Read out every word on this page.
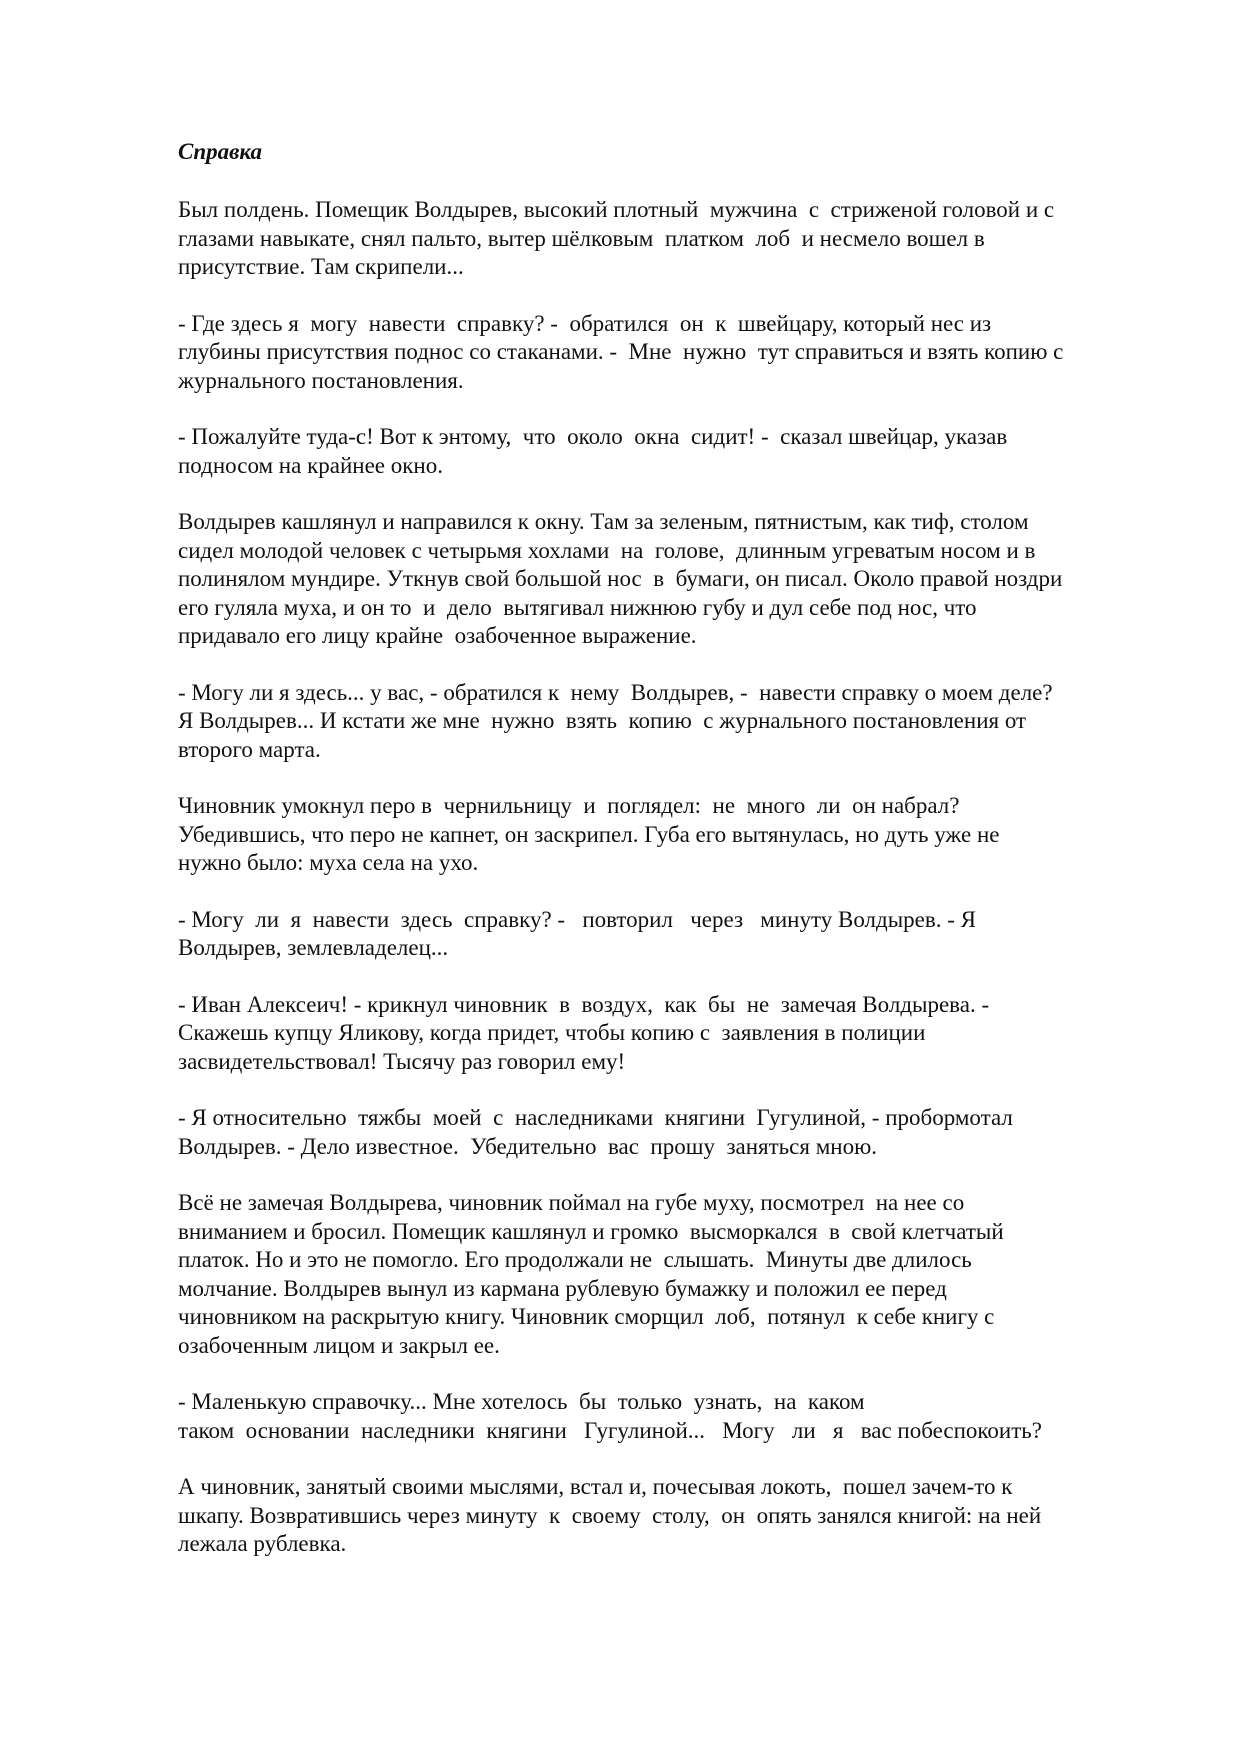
Справка
Был полдень. Помещик Волдырев, высокий плотный  мужчина  с  стриженой головой и с
глазами навыкате, снял пальто, вытер шёлковым  платком  лоб  и несмело вошел в
присутствие. Там скрипели...
- Где здесь я  могу  навести  справку? -  обратился  он  к  швейцару, который нес из
глубины присутствия поднос со стаканами. -  Мне  нужно  тут справиться и взять копию с
журнального постановления.
- Пожалуйте туда-с! Вот к энтому,  что  около  окна  сидит! -  сказал швейцар, указав
подносом на крайнее окно.
Волдырев кашлянул и направился к окну. Там за зеленым, пятнистым, как тиф, столом
сидел молодой человек с четырьмя хохлами  на  голове,  длинным угреватым носом и в
полинялом мундире. Уткнув свой большой нос  в  бумаги, он писал. Около правой ноздри
его гуляла муха, и он то  и  дело  вытягивал нижнюю губу и дул себе под нос, что
придавало его лицу крайне  озабоченное выражение.
- Могу ли я здесь... у вас, - обратился к  нему  Волдырев, -  навести справку о моем деле?
Я Волдырев... И кстати же мне  нужно  взять  копию  с журнального постановления от
второго марта.
Чиновник умокнул перо в  чернильницу  и  поглядел:  не  много  ли  он набрал?
Убедившись, что перо не капнет, он заскрипел. Губа его вытянулась, но дуть уже не
нужно было: муха села на ухо.
- Могу  ли  я  навести  здесь  справку? -   повторил   через   минуту Волдырев. - Я
Волдырев, землевладелец...
- Иван Алексеич! - крикнул чиновник  в  воздух,  как  бы  не  замечая Волдырева. -
Скажешь купцу Яликову, когда придет, чтобы копию с  заявления в полиции
засвидетельствовал! Тысячу раз говорил ему!
- Я относительно  тяжбы  моей  с  наследниками  княгини  Гугулиной, - пробормотал
Волдырев. - Дело известное.  Убедительно  вас  прошу  заняться мною.
Всё не замечая Волдырева, чиновник поймал на губе муху, посмотрел  на нее со
вниманием и бросил. Помещик кашлянул и громко  высморкался  в  свой клетчатый
платок. Но и это не помогло. Его продолжали не  слышать.  Минуты две длилось
молчание. Волдырев вынул из кармана рублевую бумажку и положил ее перед
чиновником на раскрытую книгу. Чиновник сморщил  лоб,  потянул  к себе книгу с
озабоченным лицом и закрыл ее.
- Маленькую справочку... Мне хотелось  бы  только  узнать,  на  каком
таком  основании  наследники  княгини   Гугулиной...   Могу   ли   я   вас побеспокоить?
А чиновник, занятый своими мыслями, встал и, почесывая локоть,  пошел зачем-то к
шкапу. Возвратившись через минуту  к  своему  столу,  он  опять занялся книгой: на ней
лежала рублевка.
